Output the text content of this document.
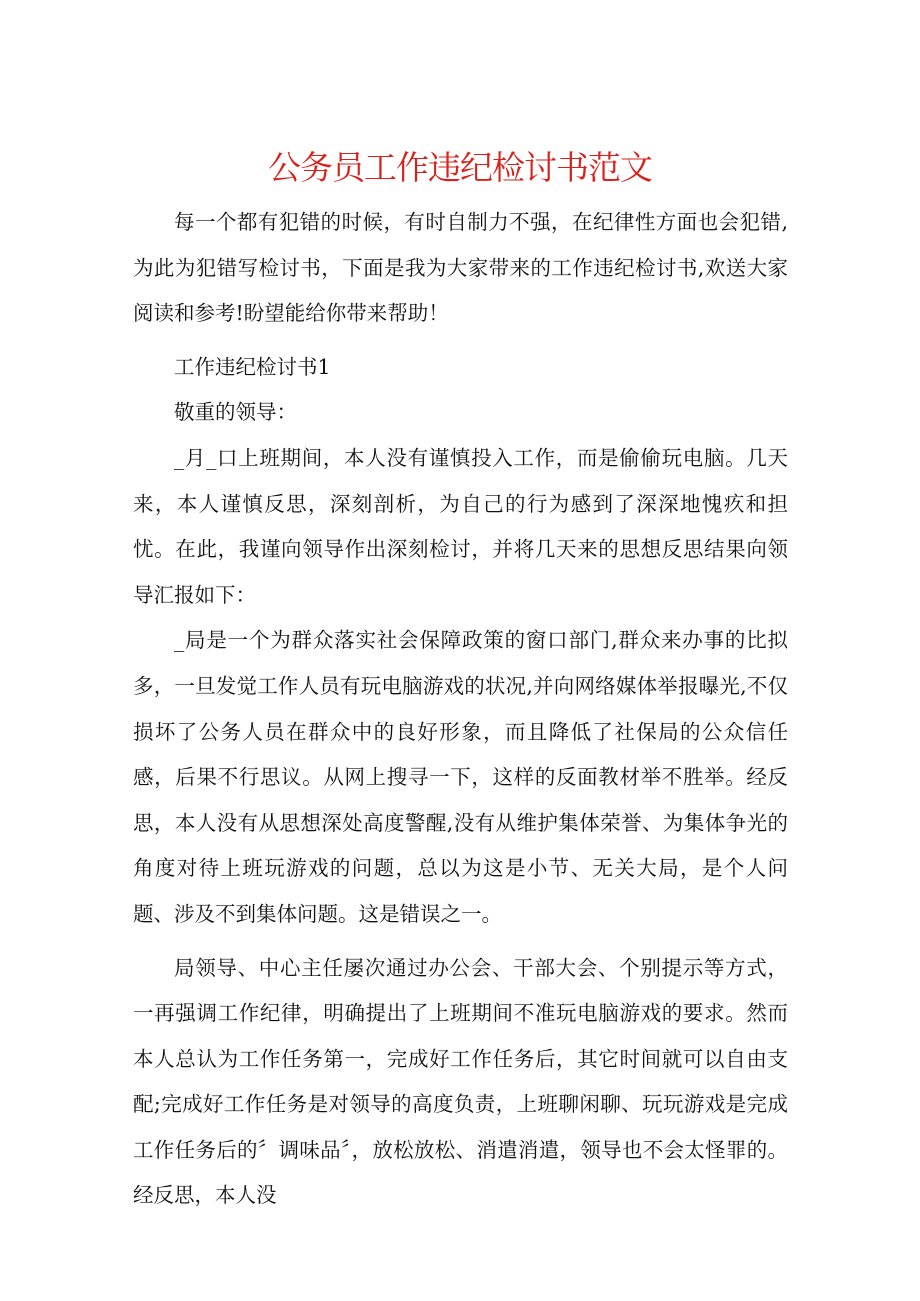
公务员工作违纪检讨书范文

每一个都有犯错的时候，有时自制力不强，在纪律性方面也会犯错,为此为犯错写检讨书，下面是我为大家带来的工作违纪检讨书,欢送大家阅读和参考!盼望能给你带来帮助！

工作违纪检讨书1

敬重的领导：

_月_口上班期间，本人没有谨慎投入工作，而是偷偷玩电脑。几天来，本人谨慎反思，深刻剖析，为自己的行为感到了深深地愧疚和担忧。在此，我谨向领导作出深刻检讨，并将几天来的思想反思结果向领导汇报如下：

_局是一个为群众落实社会保障政策的窗口部门,群众来办事的比拟多，一旦发觉工作人员有玩电脑游戏的状况,并向网络媒体举报曝光,不仅损坏了公务人员在群众中的良好形象，而且降低了社保局的公众信任感，后果不行思议。从网上搜寻一下，这样的反面教材举不胜举。经反思，本人没有从思想深处高度警醒,没有从维护集体荣誉、为集体争光的角度对待上班玩游戏的问题，总以为这是小节、无关大局，是个人问题、涉及不到集体问题。这是错误之一。

局领导、中心主任屡次通过办公会、干部大会、个别提示等方式，一再强调工作纪律，明确提出了上班期间不准玩电脑游戏的要求。然而本人总认为工作任务第一，完成好工作任务后，其它时间就可以自由支配;完成好工作任务是对领导的高度负责，上班聊闲聊、玩玩游戏是完成工作任务后的〞调味品〞，放松放松、消遣消遣，领导也不会太怪罪的。经反思，本人没
